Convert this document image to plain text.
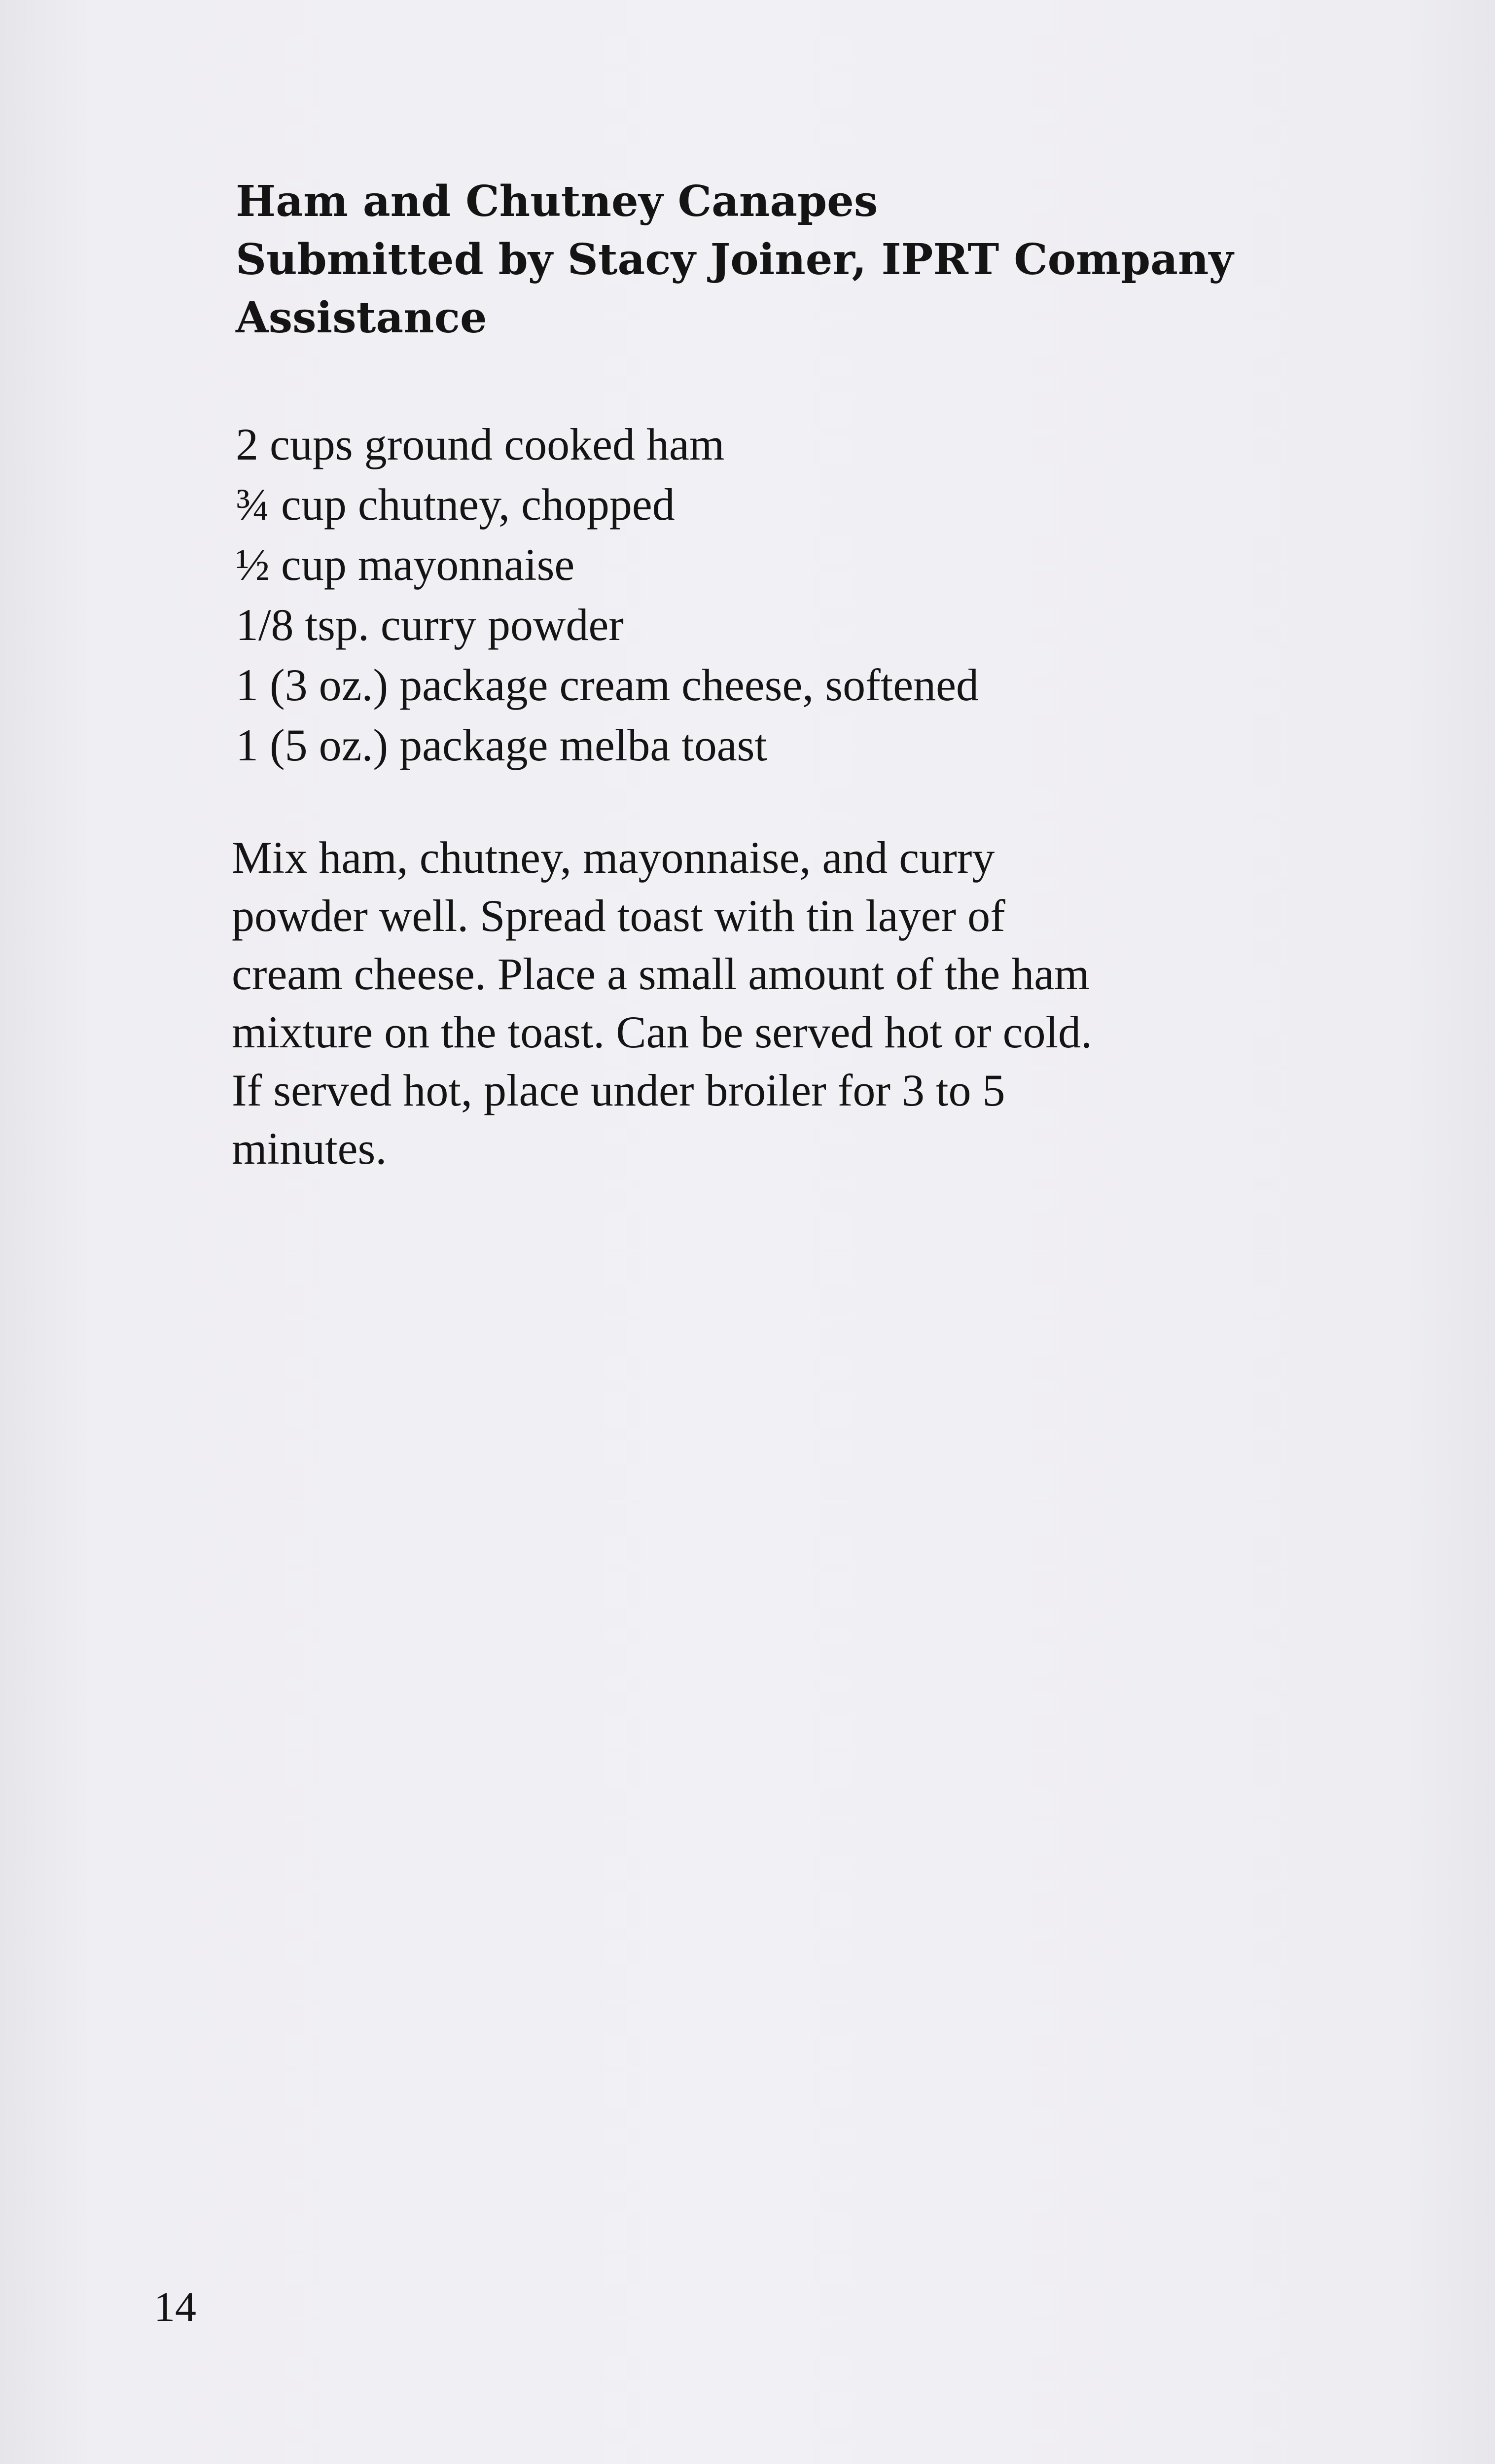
Ham and Chutney Canapes
Submitted by Stacy Joiner, IPRT Company
Assistance
2 cups ground cooked ham
¾ cup chutney, chopped
½ cup mayonnaise
1/8 tsp. curry powder
1 (3 oz.) package cream cheese, softened
1 (5 oz.) package melba toast

Mix ham, chutney, mayonnaise, and curry
powder well. Spread toast with tin layer of
cream cheese. Place a small amount of the ham
mixture on the toast. Can be served hot or cold.
If served hot, place under broiler for 3 to 5
minutes.

14
